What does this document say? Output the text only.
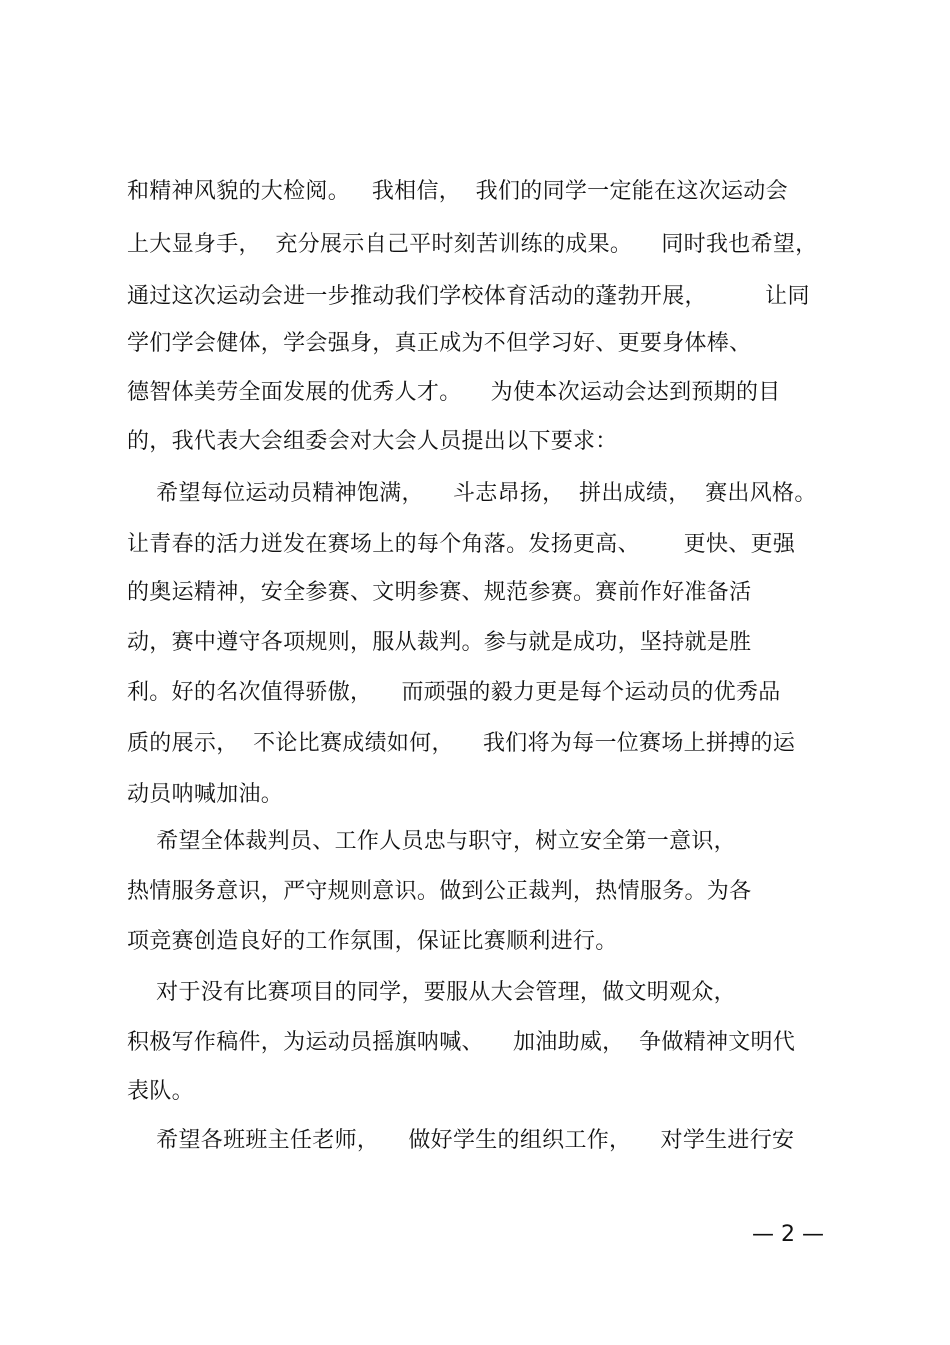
和精神风貌的大检阅。   我相信，  我们的同学一定能在这次运动会
上大显身手，  充分展示自己平时刻苦训练的成果。    同时我也希望，
通过这次运动会进一步推动我们学校体育活动的蓬勃开展，        让同
学们学会健体，学会强身，真正成为不但学习好、更要身体棒、
德智体美劳全面发展的优秀人才。    为使本次运动会达到预期的目
的，我代表大会组委会对大会人员提出以下要求：
希望每位运动员精神饱满，    斗志昂扬，  拼出成绩，  赛出风格。
让青春的活力迸发在赛场上的每个角落。发扬更高、      更快、更强
的奥运精神，安全参赛、文明参赛、规范参赛。赛前作好准备活
动，赛中遵守各项规则，服从裁判。参与就是成功，坚持就是胜
利。好的名次值得骄傲，    而顽强的毅力更是每个运动员的优秀品
质的展示，  不论比赛成绩如何，    我们将为每一位赛场上拼搏的运
动员呐喊加油。
希望全体裁判员、工作人员忠与职守，树立安全第一意识，
热情服务意识，严守规则意识。做到公正裁判，热情服务。为各
项竞赛创造良好的工作氛围，保证比赛顺利进行。
对于没有比赛项目的同学，要服从大会管理，做文明观众，
积极写作稿件，为运动员摇旗呐喊、    加油助威，  争做精神文明代
表队。
希望各班班主任老师，    做好学生的组织工作，    对学生进行安
— 2 —
